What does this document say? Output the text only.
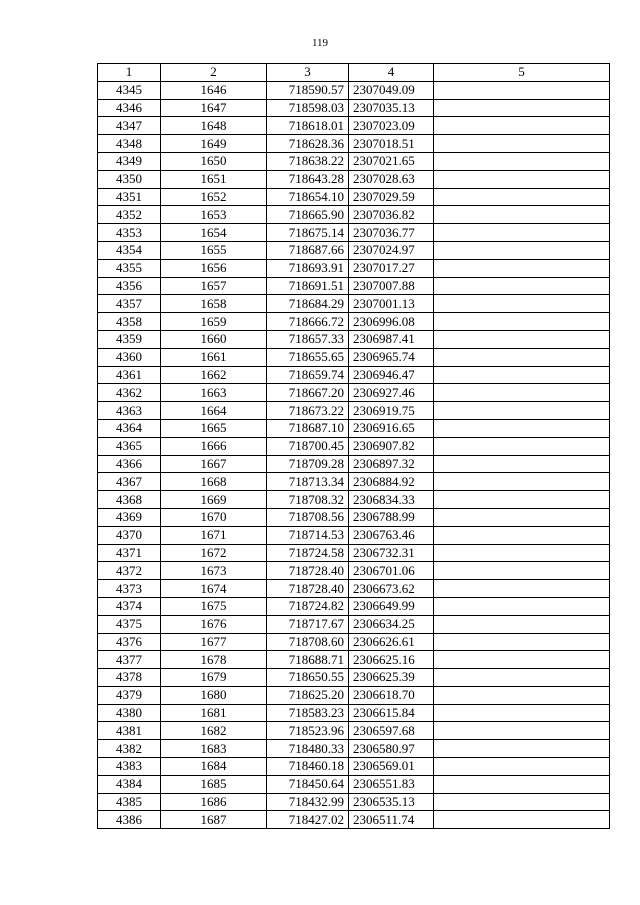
119
1	2	3	4	5
4345	1646	718590.57	2307049.09	
4346	1647	718598.03	2307035.13	
4347	1648	718618.01	2307023.09	
4348	1649	718628.36	2307018.51	
4349	1650	718638.22	2307021.65	
4350	1651	718643.28	2307028.63	
4351	1652	718654.10	2307029.59	
4352	1653	718665.90	2307036.82	
4353	1654	718675.14	2307036.77	
4354	1655	718687.66	2307024.97	
4355	1656	718693.91	2307017.27	
4356	1657	718691.51	2307007.88	
4357	1658	718684.29	2307001.13	
4358	1659	718666.72	2306996.08	
4359	1660	718657.33	2306987.41	
4360	1661	718655.65	2306965.74	
4361	1662	718659.74	2306946.47	
4362	1663	718667.20	2306927.46	
4363	1664	718673.22	2306919.75	
4364	1665	718687.10	2306916.65	
4365	1666	718700.45	2306907.82	
4366	1667	718709.28	2306897.32	
4367	1668	718713.34	2306884.92	
4368	1669	718708.32	2306834.33	
4369	1670	718708.56	2306788.99	
4370	1671	718714.53	2306763.46	
4371	1672	718724.58	2306732.31	
4372	1673	718728.40	2306701.06	
4373	1674	718728.40	2306673.62	
4374	1675	718724.82	2306649.99	
4375	1676	718717.67	2306634.25	
4376	1677	718708.60	2306626.61	
4377	1678	718688.71	2306625.16	
4378	1679	718650.55	2306625.39	
4379	1680	718625.20	2306618.70	
4380	1681	718583.23	2306615.84	
4381	1682	718523.96	2306597.68	
4382	1683	718480.33	2306580.97	
4383	1684	718460.18	2306569.01	
4384	1685	718450.64	2306551.83	
4385	1686	718432.99	2306535.13	
4386	1687	718427.02	2306511.74	
